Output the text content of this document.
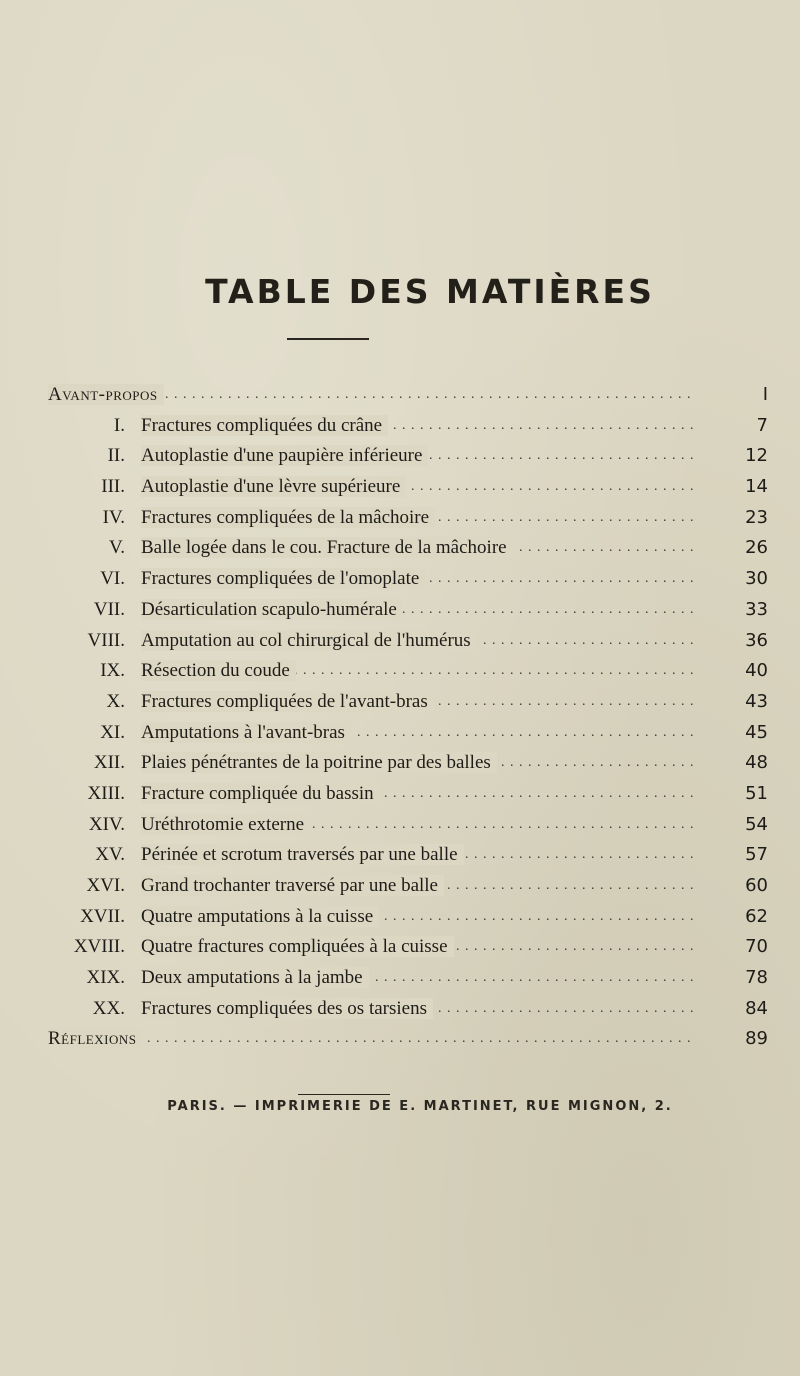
TABLE DES MATIÈRES
Avant-propos . . .	I
I. Fractures compliquées du crâne . . .	7
II. Autoplastie d'une paupière inférieure . . .	12
III. Autoplastie d'une lèvre supérieure . . .	14
IV. Fractures compliquées de la mâchoire . . .	23
V. Balle logée dans le cou. Fracture de la mâchoire . . .	26
VI. Fractures compliquées de l'omoplate . . .	30
VII. Désarticulation scapulo-humérale . . .	33
VIII. Amputation au col chirurgical de l'humérus . . .	36
IX. Résection du coude . . .	40
X. Fractures compliquées de l'avant-bras . . .	43
XI. Amputations à l'avant-bras . . .	45
XII. Plaies pénétrantes de la poitrine par des balles . . .	48
XIII. Fracture compliquée du bassin . . .	51
XIV. Uréthrotomie externe . . .	54
XV. Périnée et scrotum traversés par une balle . . .	57
XVI. Grand trochanter traversé par une balle . . .	60
XVII. Quatre amputations à la cuisse . . .	62
XVIII. Quatre fractures compliquées à la cuisse . . .	70
XIX. Deux amputations à la jambe . . .	78
XX. Fractures compliquées des os tarsiens . . .	84
Réflexions . . .	89
PARIS. — IMPRIMERIE DE E. MARTINET, RUE MIGNON, 2.
